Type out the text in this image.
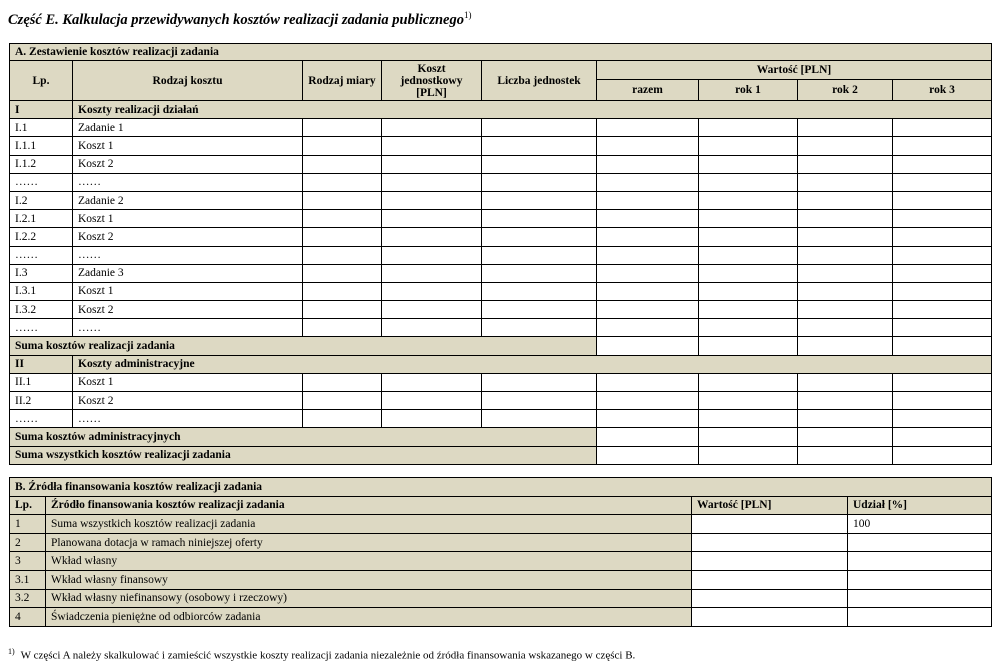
Część E. Kalkulacja przewidywanych kosztów realizacji zadania publicznego$^{1)}$
A. Zestawienie kosztów realizacji zadania								
Lp.	Rodzaj kosztu	Rodzaj miary	Koszt jednostkowy [PLN]	Liczba jednostek	Wartość [PLN]			
					razem	rok 1	rok 2	rok 3
I	Koszty realizacji działań							
I.1	Zadanie 1							
I.1.1	Koszt 1							
I.1.2	Koszt 2							
……	……							
I.2	Zadanie 2							
I.2.1	Koszt 1							
I.2.2	Koszt 2							
……	……							
I.3	Zadanie 3							
I.3.1	Koszt 1							
I.3.2	Koszt 2							
……	……							
Suma kosztów realizacji zadania								
II	Koszty administracyjne							
II.1	Koszt 1							
II.2	Koszt 2							
……	……							
Suma kosztów administracyjnych								
Suma wszystkich kosztów realizacji zadania								
B. Źródła finansowania kosztów realizacji zadania			
Lp.	Źródło finansowania kosztów realizacji zadania	Wartość [PLN]	Udział [%]
1	Suma wszystkich kosztów realizacji zadania		100
2	Planowana dotacja w ramach niniejszej oferty		
3	Wkład własny		
3.1	Wkład własny finansowy		
3.2	Wkład własny niefinansowy (osobowy i rzeczowy)		
4	Świadczenia pieniężne od odbiorców zadania		
$^{1)}$ W części A należy skalkulować i zamieścić wszystkie koszty realizacji zadania niezależnie od źródła finansowania wskazanego w części B.
